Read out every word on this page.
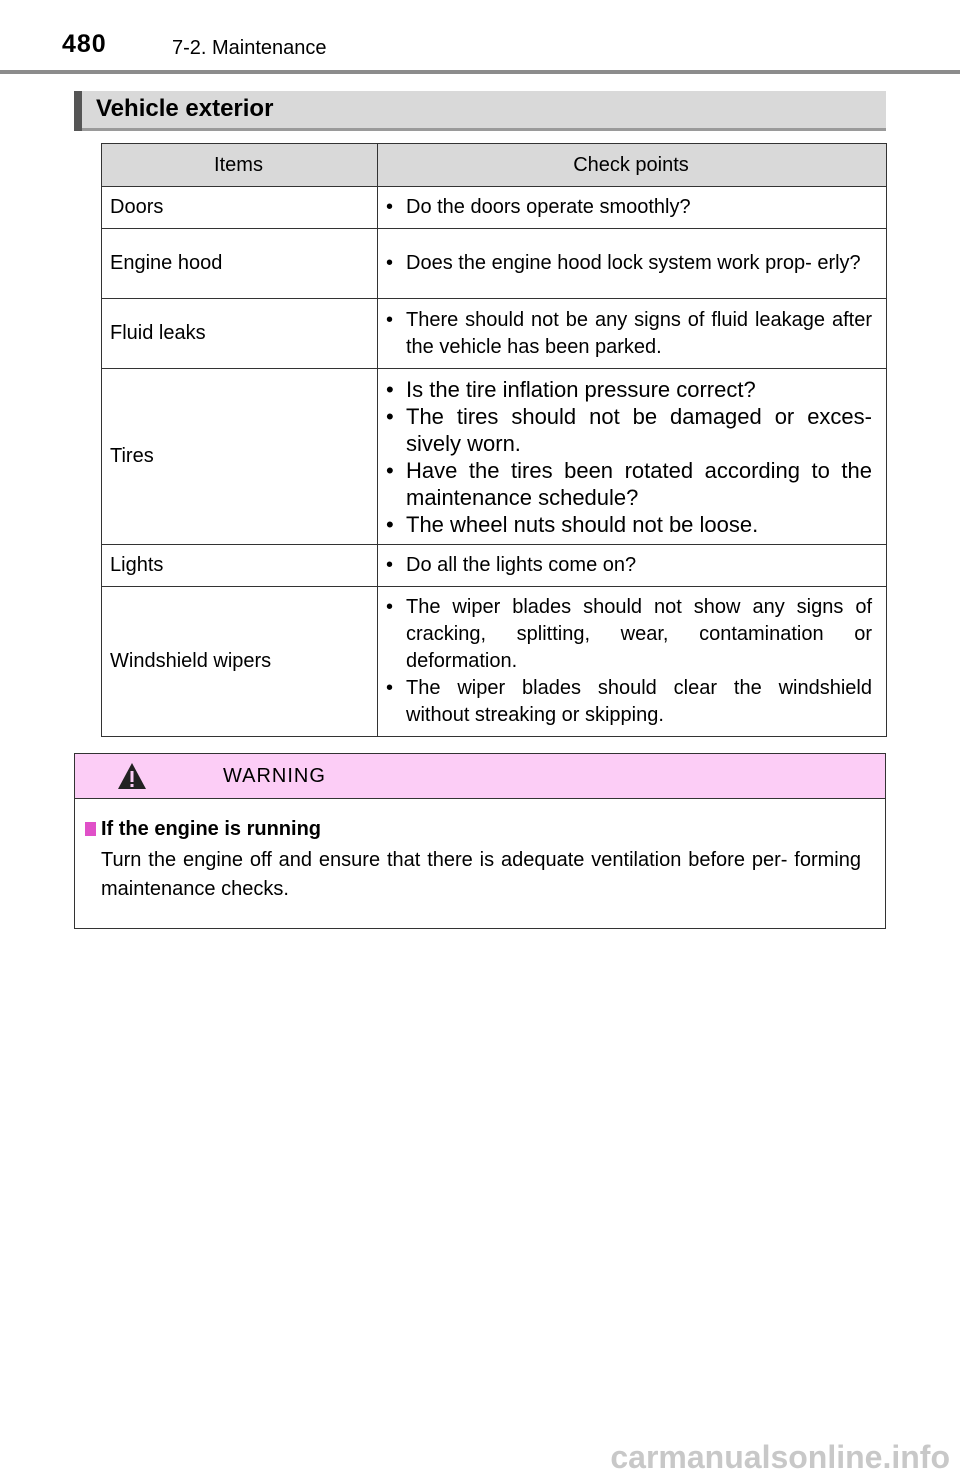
480	7-2. Maintenance
Vehicle exterior
Items	Check points
Doors	• Do the doors operate smoothly?

Engine hood	• Does the engine hood lock system work prop- erly?

Fluid leaks	• There should not be any signs of fluid leakage after the vehicle has been parked.

Tires	• Is the tire inflation pressure correct?
• The tires should not be damaged or exces- sively worn.
• Have the tires been rotated according to the maintenance schedule?
• The wheel nuts should not be loose.

Lights	• Do all the lights come on?

Windshield wipers	• The wiper blades should not show any signs of cracking, splitting, wear, contamination or deformation.
• The wiper blades should clear the windshield without streaking or skipping.
WARNING
If the engine is running
Turn the engine off and ensure that there is adequate ventilation before per- forming maintenance checks.
carmanualsonline.info
